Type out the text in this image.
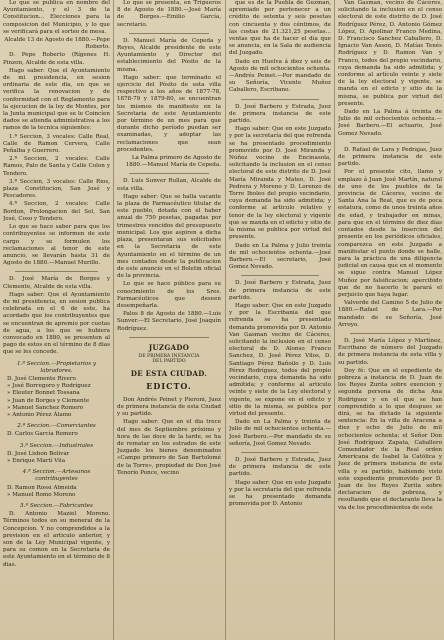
Lo que se publica en nombre del Ayuntamiento, y el 3 de la Constitucion... Elecciones para la composicion del Municipio, y lo que se verificará para el sorteo de mesa.

Alcalde 13 de Agosto de 1880.—Pepe Roberto.

D. Pepe Roberto (Rígenes H. Pinzon, Alcalde de esta villa.

Hago saber: Que el Ayuntamiento de mi presidencia, en sesion ordinaria de este dia, en que se verifica la renovacion y de conformidad con el Reglamento para la ejecucion de la ley de Montes, por la Junta municipal que se le Coincíen dados se atienda administrativa a los ramos de la tecnica siguientes:

1.ª Seccion, 3 vocales: Calle Real, Calle de Ramon Cervera, Calle Peñalba y Guerrero.

2.ª Seccion, 2 vocales: Calle Ramos, Palo de Santa y Calle Colon y Tendero.

3.ª Seccion, 3 vocales: Calle Rios, plaza Constitucion, San José y Pescadores.

4.ª Seccion, 2 vocales: Calle Bordon, Prolongacion del Sol, San José, Coso y Tendero.

Lo que se hace saber para que los contribuyentes se informen de este cargo y se formulen los reclamaciones al tenor de este anuncio, se llevarán hasta 31 de Agosto de 1880.—Manuel Murillo.

D. José María de Borges y Clemente, Alcalde de esta villa.

Hago saber: Que el Ayuntamiento de mi presidencia, en sesion publica celebrada en el 6 de este, ha acordado que los contribuyentes que se encuentran de apremio por cuotas de agua, a los que se hubiera convocado en 1880, se presenten al pago de estos en el término de 8 dias que se les concede.

1.ª Seccion.—Propietarios y labradores.

D. José Clemente Rivero
» José Borregoro y Rodríguez
» Eleuter Bonnet Tossana
» Juan de Borges y Clemente
» Manuel Sanchez Romero
» Antonio Pérez Álamo

2.ª Seccion.—Comerciantes

D. Carlos García Romero

3.ª Seccion.—Industriales

D. José Lisbon Bolivar
» Enrique Martí Vila

4.ª Seccion.—Artesanos contribuyentes

D. Ramon Rossi Almeida
» Manuel Romo Moreno

5.ª Seccion.—Fabricantes

D. Antonio Maziel Moreno. Términos todos en su meneral de la Concepcion. Y no comprendidos a la prevision en el articulo anterior, y son de la Ley Municipal vigente, y para su comon en la Secretaria de este Ayuntamiento en el término de 8 dias.

Lo que se presenta, en Trigueros 8 de Agosto de 1880.—José María de Borges.—Emilio García, secretario.

D. Manuel María de Cepeda y Reyes, Alcalde presidente de este Ayuntamiento y Director del establecimiento del Pósito de la misma.

Hago saber: que terminado el ejercicio del Pósito de esta villa respectivo a los años de 1877-78, 1878-79 y 1879-80, se encuentran los mismos de manifiesto en la Secretaria de este Ayuntamiento por término de un mes para que durante dicho período puedan ser examinadas, y adoptar las reclamaciones que sean procedentes.

La Palma primero de Agosto de 1880.—Manuel María de Cepeda.

D. Luis Sunver Rullan, Alcalde de esta villa.

Hago saber: Que se halla vacante la plaza de Farmacéutico titular de este pueblo, dotada con el haber anual de 750 pesetas, pagadas por trimestres vencidos del presupuesto municipal. Los que aspiren a dicha plaza, presentaran sus solicitudes en la Secretaria de este Ayuntamiento en el término de un mes contados desde la publicacion de este anuncio en el Boletin oficial de la provincia.

Lo que se hace público para su conocimiento de los Sres. Farmacéuticos que deseen desempeñarla.

Palos 8 de Agosto de 1880.—Luis Sunver.—El Secretario, José Joaquín Rodríguez.

JUZGADO
DE PRIMERA INSTANCIA
DEL PARTIDO
DE ESTA CIUDAD.
EDICTO.

Don Andrés Peinet y Pieroni, Juez de primera instancia de esta Ciudad y su partido.

Hago saber: Que en el dia trece del mes de Septiembre próximo y hora de las doce de la tarde, se ha de rematar en los estrados de este Juzgado los bienes denominados «Campo primero de San Bartolomé de la Torre», propiedad de Don José Tenorio Ponce, vecino

que es de la Puebla de Guzman, apremiado por pertenecer a un crédito de setenta y seis pesetas con cincuenta y dos céntimos, de las costas de 21.321,25 pesetas... ventas que ha de hacer el día que se anuncia, en la Sala de audiencia del Juzgado.

Dado en Huelva á diez y seis de Agosto de mil ochocientos ochenta.—Andrés Peinet.—Por mandado de su Señoría, Vicente Muñoz Caballero, Escribano.

D. José Barbero y Estrada, Juez de primera instancia de este partido.

Hago saber: Que en este Juzgado y por la secretaría del que refrenda se ha presentado procedimiento promovido por D. José Miranda y Núñez vecino de Encinasola, solicitando la inclusion en el censo electoral de este distrito de D. José María Miranda y Mateo, D. José Pedrera y Moreno y D. Lorenzo de Torre Iboleo del propio vecindario, cuya demanda ha sido admitida; y conforme al articulo relativo y tenor de la ley electoral y vigente que se manda en el edicto y sitio de la misma se publica por virtud del presente.

Dado en La Palma y Julio treinta de mil ochocientos ochenta.—José Barbero.—El secretario, José Gomez Nevado.

D. José Barbero y Estrada, Juez de primera instancia de este partido.

Hago saber: Que en este Juzgado y por la Escribania del que refrenda se ha presentado demanda promovida por D. Antonio Van Gasman vecino de Cáceres, solicitando la inclusion en el censo electoral de D. Alonso Franco Sanchez, D. José Pérez Vilos, D. Santiago Pérez Bañoilo y D. Luis Pérez Rodríguez, todos del propio vecindario, cuya demanda ha sido admitida; y conforme al articulo veinte y siete de la Ley electoral y vigente, se expone en el edicto y sitio de la misma, se publica por virtud del presente.

Dado en La Palma y treinta de Julio de mil ochocientos ochenta.—José Barbero.—Por mandado de su señoría, José Gomez Nevado.

D. José Barbero y Estrada, Juez de primera instancia de este partido.

Hago saber: Que en este Juzgado y por la secretaría del que refrenda se ha presentado demanda promovida por D. Antonio

Van Gasman, vecino de Cáceres, solicitando la inclusion en el censo electoral de este distrito de D. José Rodríguez Pérez, D. Antonio Gómez López, D. Apolinar Franco Medina, D. Francisco Sanchez Caballero, D. Ignacio Van Asson, D. Matías Tenés Rodríguez y D. Ramon Van y Franco, todos del propio vecindario, cuya demanda ha sido admitida; y conforme al artículo veinte y siete de la ley electoral y vigente, se manda en el edicto y sitio de la misma, se publica por virtud del presente.

Dado en La Palma á treinta de Julio de mil ochocientos ochenta.—José Barbero.—El actuario, José Gomez Nevado.

D. Rafael de Lara y Pedrajas, Juez de primera instancia de este partido.

Por el presente cito, llamo y emplazo á Juan José Martín, natural de uno de los pueblos de la provincia de Cáceres, vecino de Santa Ana la Real, que es de poca estatura, como de unos treinta años de edad, y trabajador en minas, para que en el término de diez días contados desde la insercion del presente en los periódicos oficiales, comparezca en este Juzgado a manifestar el punto donde se halle, para la práctica de una diligencia judicial en causa que en el momento se sigue contra Manuel López Muñoz por falsificacion; apercibido que de no hacerlo le parará el perjuicio que haya lugar.

Valverde del Camino 5 de Julio de 1880.—Rafael de Lara.—Por mandado de su Señoría, José Arroyo.

D. José María López y Martínez, Escribano de número del Juzgado de primera instancia de esta villa y su partido.

Doy fé: Que en el expediente de pobreza a instancia de D. Juan de los Reyes Zurita sobre exencion y segunda persona de dicha Ana Rodriguez y en el que se han comprendido a lo que despues se dirá, se ha dictado la siguiente sentencia: En la villa de Aracena a diez y ocho de Julio de mil ochocientos ochenta; el Señor Don José Rodríguez Zapata, Caballero Comendador de la Real orden Americana de Isabel la Católica y Juez de primera instancia de esta villa y su partido, habiendo visto este expediente promovido por D. Juan de los Reyes Zurita sobre declaracion de pobreza, y resultando que el declarante lleva la via de los procedimientos de este
